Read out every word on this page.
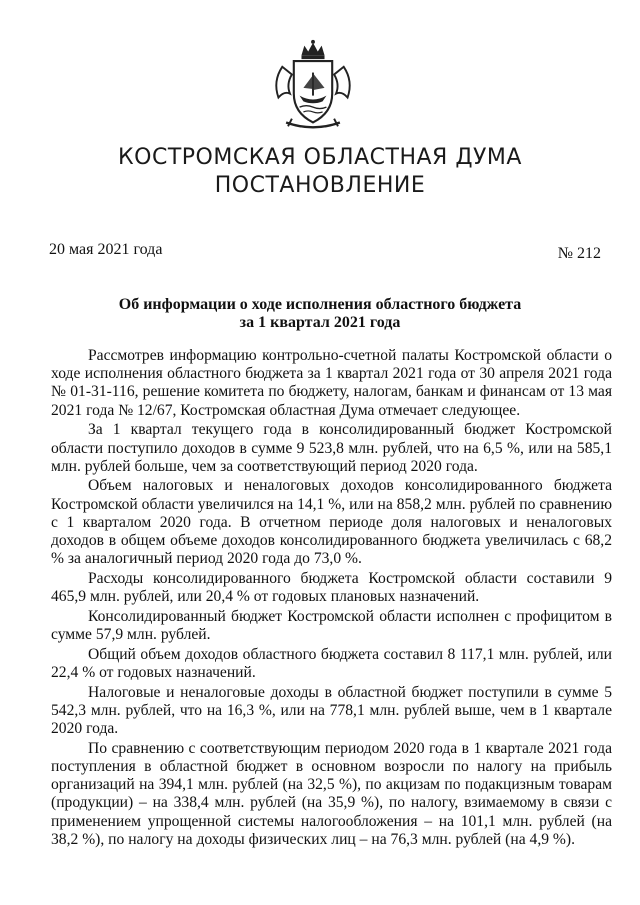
КОСТРОМСКАЯ ОБЛАСТНАЯ ДУМА
ПОСТАНОВЛЕНИЕ
20 мая 2021 года	№ 212
Об информации о ходе исполнения областного бюджета
за 1 квартал 2021 года

Рассмотрев информацию контрольно-счетной палаты Костромской области о ходе исполнения областного бюджета за 1 квартал 2021 года от 30 апреля 2021 года № 01-31-116, решение комитета по бюджету, налогам, банкам и финансам от 13 мая 2021 года № 12/67, Костромская областная Дума отмечает следующее.

За 1 квартал текущего года в консолидированный бюджет Костромской области поступило доходов в сумме 9 523,8 млн. рублей, что на 6,5 %, или на 585,1 млн. рублей больше, чем за соответствующий период 2020 года.

Объем налоговых и неналоговых доходов консолидированного бюджета Костромской области увеличился на 14,1 %, или на 858,2 млн. рублей по сравнению с 1 кварталом 2020 года. В отчетном периоде доля налоговых и неналоговых доходов в общем объеме доходов консолидированного бюджета увеличилась с 68,2 % за аналогичный период 2020 года до 73,0 %.

Расходы консолидированного бюджета Костромской области составили 9 465,9 млн. рублей, или 20,4 % от годовых плановых назначений.

Консолидированный бюджет Костромской области исполнен с профицитом в сумме 57,9 млн. рублей.

Общий объем доходов областного бюджета составил 8 117,1 млн. рублей, или 22,4 % от годовых назначений.

Налоговые и неналоговые доходы в областной бюджет поступили в сумме 5 542,3 млн. рублей, что на 16,3 %, или на 778,1 млн. рублей выше, чем в 1 квартале 2020 года.

По сравнению с соответствующим периодом 2020 года в 1 квартале 2021 года поступления в областной бюджет в основном возросли по налогу на прибыль организаций на 394,1 млн. рублей (на 32,5 %), по акцизам по подакцизным товарам (продукции) – на 338,4 млн. рублей (на 35,9 %), по налогу, взимаемому в связи с применением упрощенной системы налогообложения – на 101,1 млн. рублей (на 38,2 %), по налогу на доходы физических лиц – на 76,3 млн. рублей (на 4,9 %).
